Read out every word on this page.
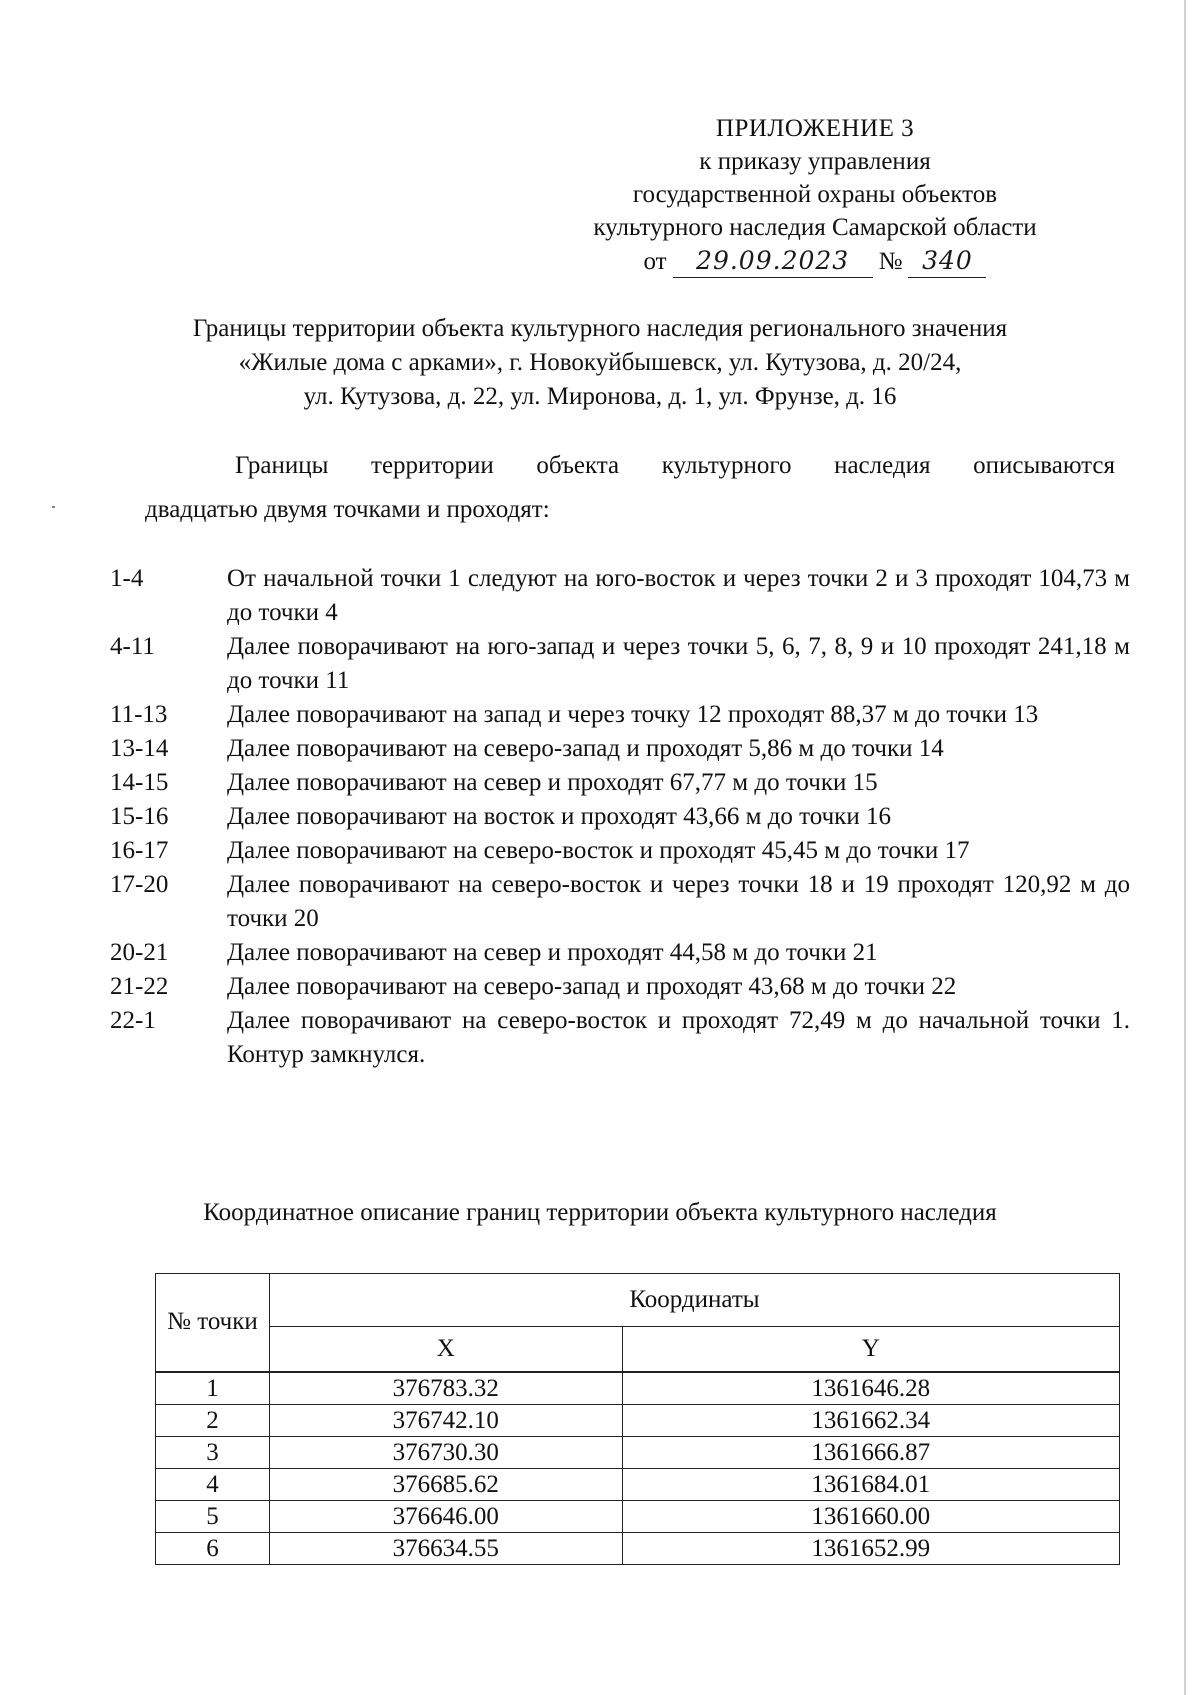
ПРИЛОЖЕНИЕ 3
к приказу управления
государственной охраны объектов
культурного наследия Самарской области
от	29.09.2023	№ 340
Границы территории объекта культурного наследия регионального значения
«Жилые дома с арками», г. Новокуйбышевск, ул. Кутузова, д. 20/24,
ул. Кутузова, д. 22, ул. Миронова, д. 1, ул. Фрунзе, д. 16
Границы территории объекта культурного наследия описываются
двадцатью двумя точками и проходят:
1-4	От начальной точки 1 следуют на юго-восток и через точки 2 и 3 проходят 104,73 м до точки 4
4-11	Далее поворачивают на юго-запад и через точки 5, 6, 7, 8, 9 и 10 проходят 241,18 м до точки 11
11-13	Далее поворачивают на запад и через точку 12 проходят 88,37 м до точки 13
13-14	Далее поворачивают на северо-запад и проходят 5,86 м до точки 14
14-15	Далее поворачивают на север и проходят 67,77 м до точки 15
15-16	Далее поворачивают на восток и проходят 43,66 м до точки 16
16-17	Далее поворачивают на северо-восток и проходят 45,45 м до точки 17
17-20	Далее поворачивают на северо-восток и через точки 18 и 19 проходят 120,92 м до точки 20
20-21	Далее поворачивают на север и проходят 44,58 м до точки 21
21-22	Далее поворачивают на северо-запад и проходят 43,68 м до точки 22
22-1	Далее поворачивают на северо-восток и проходят 72,49 м до начальной точки 1. Контур замкнулся.
Координатное описание границ территории объекта культурного наследия
№ точки	Координаты	
	X	Y
1	376783.32	1361646.28
2	376742.10	1361662.34
3	376730.30	1361666.87
4	376685.62	1361684.01
5	376646.00	1361660.00
6	376634.55	1361652.99
